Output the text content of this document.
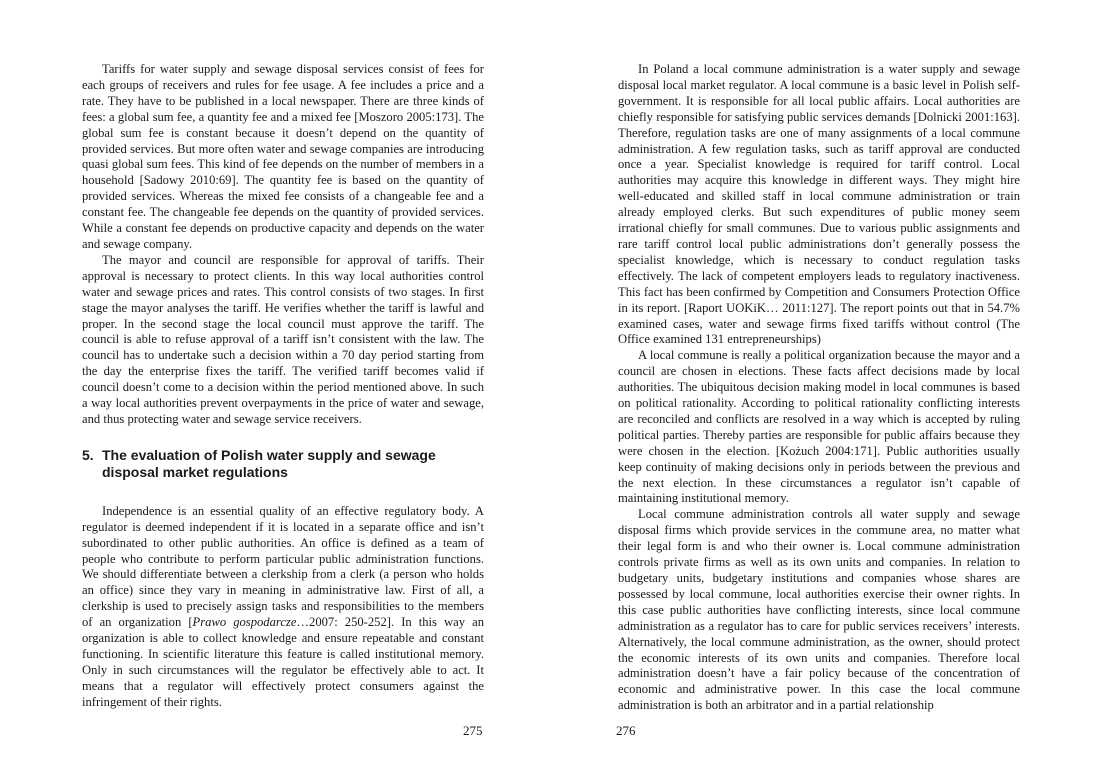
Tariffs for water supply and sewage disposal services consist of fees for each groups of receivers and rules for fee usage. A fee includes a price and a rate. They have to be published in a local newspaper. There are three kinds of fees: a global sum fee, a quantity fee and a mixed fee [Moszoro 2005:173]. The global sum fee is constant because it doesn’t depend on the quantity of provided services. But more often water and sewage companies are introducing quasi global sum fees. This kind of fee depends on the number of members in a household [Sadowy 2010:69]. The quantity fee is based on the quantity of provided services. Whereas the mixed fee consists of a changeable fee and a constant fee. The changeable fee depends on the quantity of provided services. While a constant fee depends on productive capacity and depends on the water and sewage company.

The mayor and council are responsible for approval of tariffs. Their approval is necessary to protect clients. In this way local authorities control water and sewage prices and rates. This control consists of two stages. In first stage the mayor analyses the tariff. He verifies whether the tariff is lawful and proper. In the second stage the local council must approve the tariff. The council is able to refuse approval of a tariff isn’t consistent with the law. The council has to undertake such a decision within a 70 day period starting from the day the enterprise fixes the tariff. The verified tariff becomes valid if council doesn’t come to a decision within the period mentioned above. In such a way local authorities prevent overpayments in the price of water and sewage, and thus protecting water and sewage service receivers.

5. The evaluation of Polish water supply and sewage disposal market regulations

Independence is an essential quality of an effective regulatory body. A regulator is deemed independent if it is located in a separate office and isn’t subordinated to other public authorities. An office is defined as a team of people who contribute to perform particular public administration functions. We should differentiate between a clerkship from a clerk (a person who holds an office) since they vary in meaning in administrative law. First of all, a clerkship is used to precisely assign tasks and responsibilities to the members of an organization [Prawo gospodarcze…2007: 250-252]. In this way an organization is able to collect knowledge and ensure repeatable and constant functioning. In scientific literature this feature is called institutional memory. Only in such circumstances will the regulator be effectively able to act. It means that a regulator will effectively protect consumers against the infringement of their rights.

275

In Poland a local commune administration is a water supply and sewage disposal local market regulator. A local commune is a basic level in Polish self-government. It is responsible for all local public affairs. Local authorities are chiefly responsible for satisfying public services demands [Dolnicki 2001:163]. Therefore, regulation tasks are one of many assignments of a local commune administration. A few regulation tasks, such as tariff approval are conducted once a year. Specialist knowledge is required for tariff control. Local authorities may acquire this knowledge in different ways. They might hire well-educated and skilled staff in local commune administration or train already employed clerks. But such expenditures of public money seem irrational chiefly for small communes. Due to various public assignments and rare tariff control local public administrations don’t generally possess the specialist knowledge, which is necessary to conduct regulation tasks effectively. The lack of competent employers leads to regulatory inactiveness. This fact has been confirmed by Competition and Consumers Protection Office in its report. [Raport UOKiK… 2011:127]. The report points out that in 54.7% examined cases, water and sewage firms fixed tariffs without control (The Office examined 131 entrepreneurships)

A local commune is really a political organization because the mayor and a council are chosen in elections. These facts affect decisions made by local authorities. The ubiquitous decision making model in local communes is based on political rationality. According to political rationality conflicting interests are reconciled and conflicts are resolved in a way which is accepted by ruling political parties. Thereby parties are responsible for public affairs because they were chosen in the election. [Kożuch 2004:171]. Public authorities usually keep continuity of making decisions only in periods between the previous and the next election. In these circumstances a regulator isn’t capable of maintaining institutional memory.

Local commune administration controls all water supply and sewage disposal firms which provide services in the commune area, no matter what their legal form is and who their owner is. Local commune administration controls private firms as well as its own units and companies. In relation to budgetary units, budgetary institutions and companies whose shares are possessed by local commune, local authorities exercise their owner rights. In this case public authorities have conflicting interests, since local commune administration as a regulator has to care for public services receivers’ interests. Alternatively, the local commune administration, as the owner, should protect the economic interests of its own units and companies. Therefore local administration doesn’t have a fair policy because of the concentration of economic and administrative power. In this case the local commune administration is both an arbitrator and in a partial relationship

276
